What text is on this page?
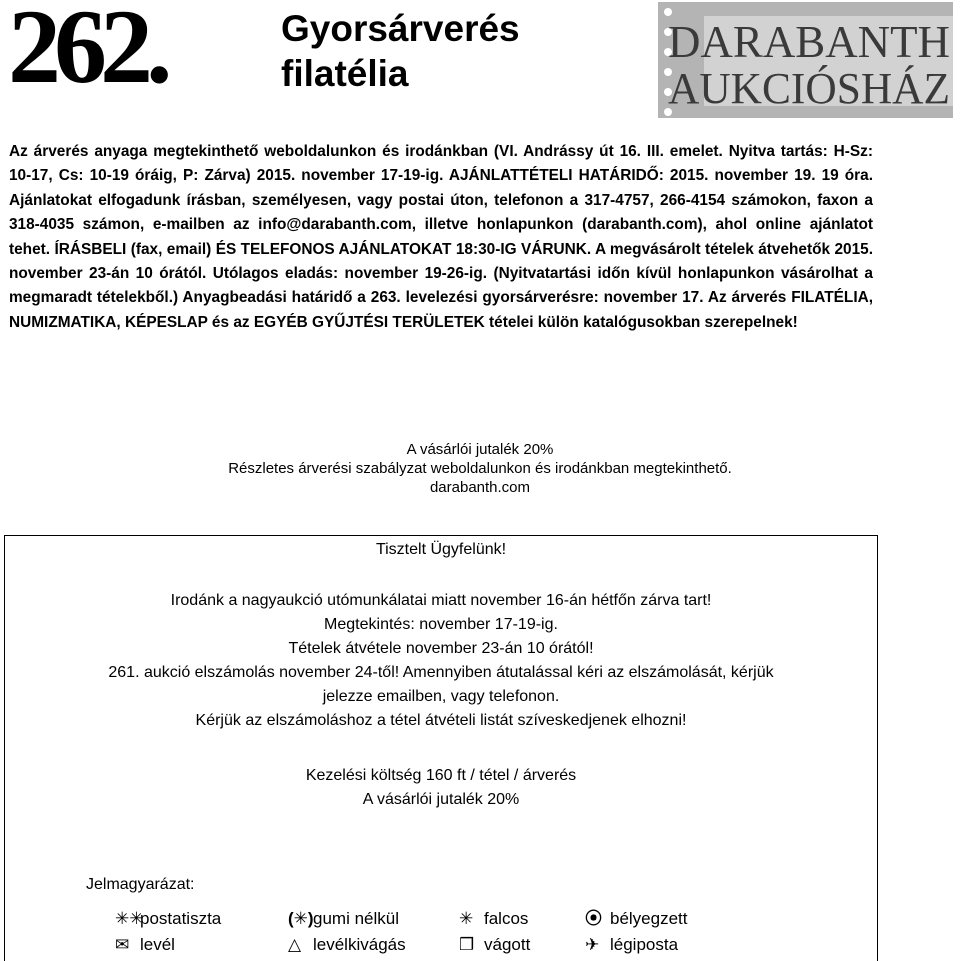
262.	Gyorsárverés
filatélia
DARABANTH
AUKCIÓSHÁZ
Az árverés anyaga megtekinthető weboldalunkon és irodánkban (VI. Andrássy út 16. III. emelet. Nyitva tartás: H-Sz: 10-17, Cs: 10-19 óráig, P: Zárva) 2015. november 17-19-ig. AJÁNLATTÉTELI HATÁRIDŐ: 2015. november 19. 19 óra. Ajánlatokat elfogadunk írásban, személyesen, vagy postai úton, telefonon a 317-4757, 266-4154 számokon, faxon a 318-4035 számon, e-mailben az info@darabanth.com, illetve honlapunkon (darabanth.com), ahol online ajánlatot tehet. ÍRÁSBELI (fax, email) ÉS TELEFONOS AJÁNLATOKAT 18:30-IG VÁRUNK. A megvásárolt tételek átvehetők 2015. november 23-án 10 órától. Utólagos eladás: november 19-26-ig. (Nyitvatartási időn kívül honlapunkon vásárolhat a megmaradt tételekből.) Anyagbeadási határidő a 263. levelezési gyorsárverésre: november 17. Az árverés FILATÉLIA, NUMIZMATIKA, KÉPESLAP és az EGYÉB GYŰJTÉSI TERÜLETEK tételei külön katalógusokban szerepelnek!
A vásárlói jutalék 20%
Részletes árverési szabályzat weboldalunkon és irodánkban megtekinthető.
darabanth.com
Tisztelt Ügyfelünk!
Irodánk a nagyaukció utómunkálatai miatt november 16-án hétfőn zárva tart!
Megtekintés: november 17-19-ig.
Tételek átvétele november 23-án 10 órától!
261. aukció elszámolás november 24-től! Amennyiben átutalással kéri az elszámolását, kérjük
jelezze emailben, vagy telefonon.
Kérjük az elszámoláshoz a tétel átvételi listát szíveskedjenek elhozni!
Kezelési költség 160 ft / tétel / árverés
A vásárlói jutalék 20%
Jelmagyarázat:
✳✳postatiszta	(✳)gumi nélkül	✳ falcos	⦿ bélyegzett
✉ levél	△ levélkivágás	❒ vágott	✈ légiposta
